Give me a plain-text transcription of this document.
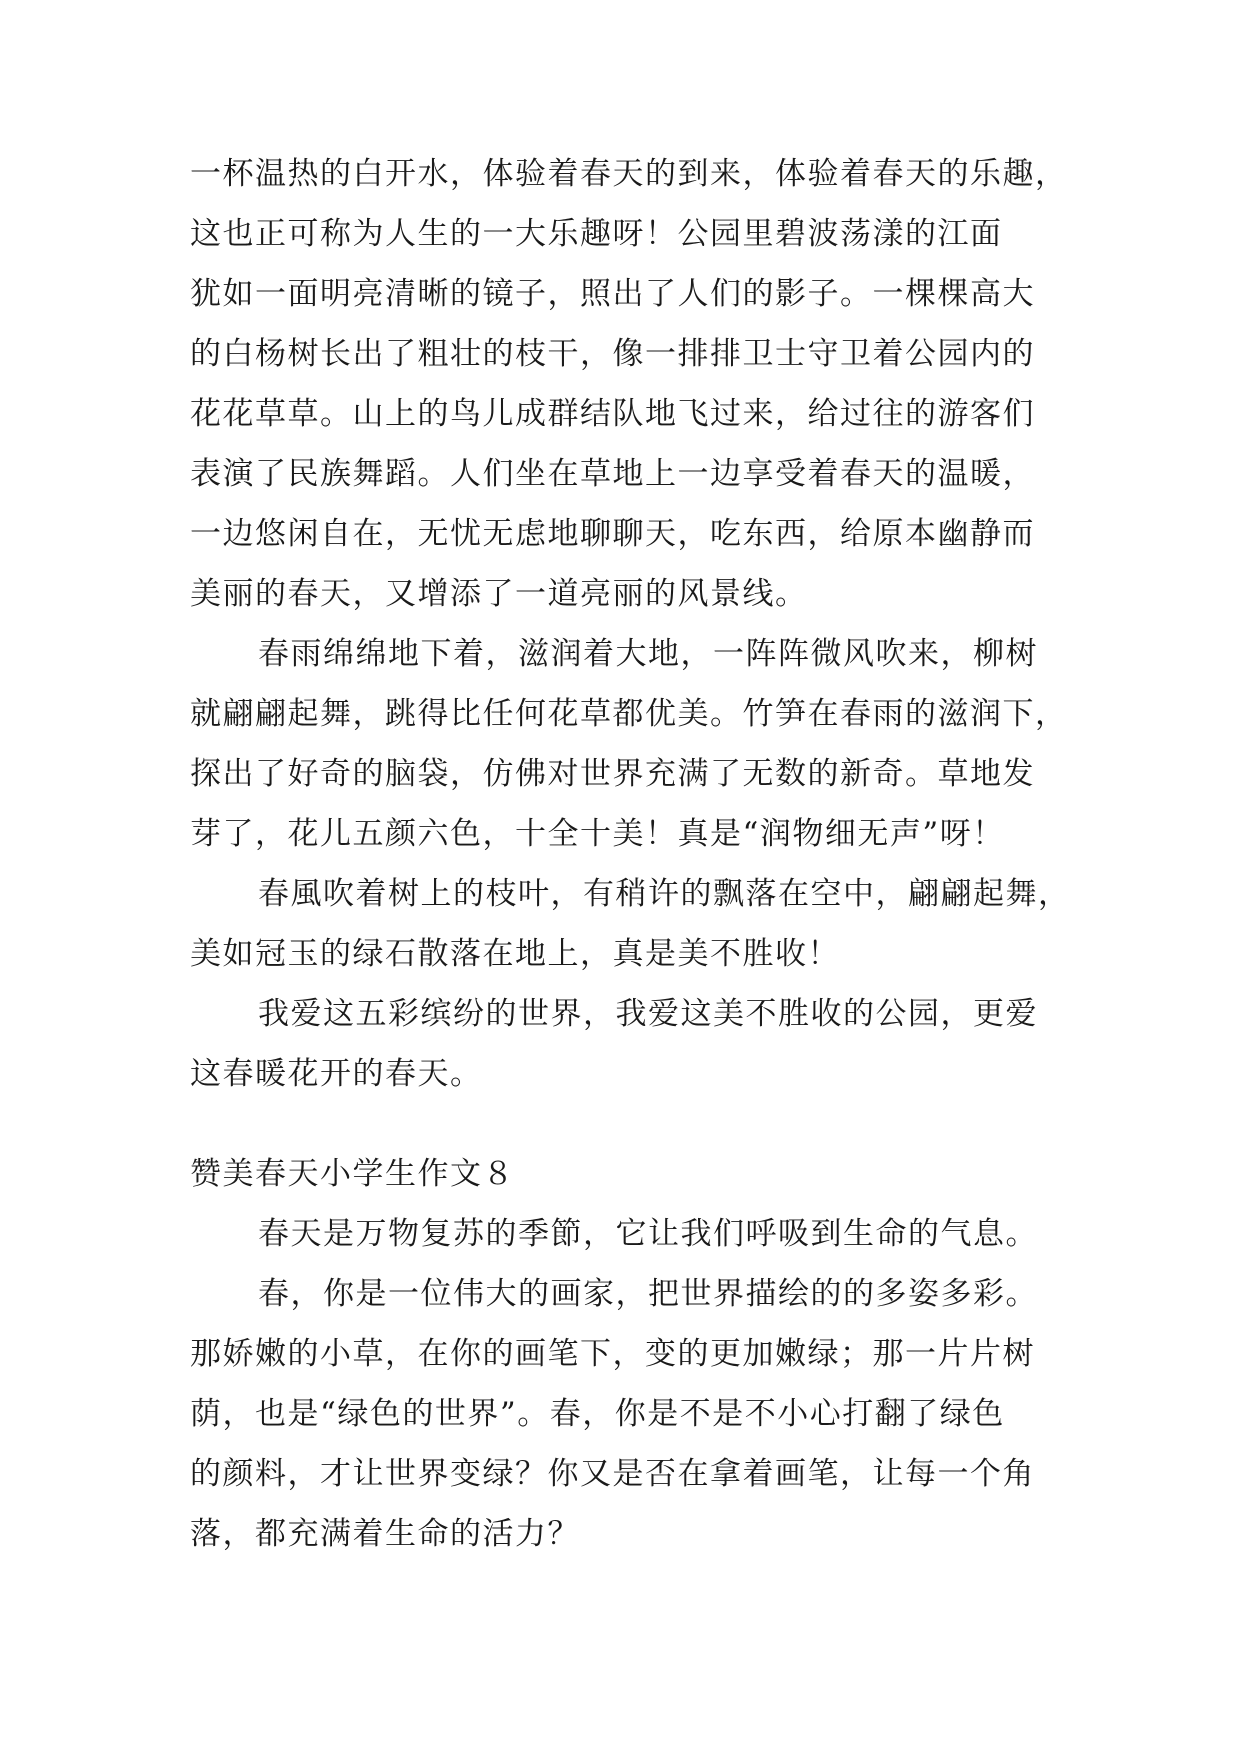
一杯温热的白开水，体验着春天的到来，体验着春天的乐趣，
这也正可称为人生的一大乐趣呀！公园里碧波荡漾的江面
犹如一面明亮清晰的镜子，照出了人们的影子。一棵棵高大
的白杨树长出了粗壮的枝干，像一排排卫士守卫着公园内的
花花草草。山上的鸟儿成群结队地飞过来，给过往的游客们
表演了民族舞蹈。人们坐在草地上一边享受着春天的温暖，
一边悠闲自在，无忧无虑地聊聊天，吃东西，给原本幽静而
美丽的春天，又增添了一道亮丽的风景线。
春雨绵绵地下着，滋润着大地，一阵阵微风吹来，柳树
就翩翩起舞，跳得比任何花草都优美。竹笋在春雨的滋润下，
探出了好奇的脑袋，仿佛对世界充满了无数的新奇。草地发
芽了，花儿五颜六色，十全十美！真是“润物细无声”呀！
春風吹着树上的枝叶，有稍许的飘落在空中，翩翩起舞，
美如冠玉的绿石散落在地上，真是美不胜收！
我爱这五彩缤纷的世界，我爱这美不胜收的公园，更爱
这春暖花开的春天。
赞美春天小学生作文８
春天是万物复苏的季節，它让我们呼吸到生命的气息。
春，你是一位伟大的画家，把世界描绘的的多姿多彩。
那娇嫩的小草，在你的画笔下，变的更加嫩绿；那一片片树
荫，也是“绿色的世界”。春，你是不是不小心打翻了绿色
的颜料，才让世界变绿？你又是否在拿着画笔，让每一个角
落，都充满着生命的活力？
